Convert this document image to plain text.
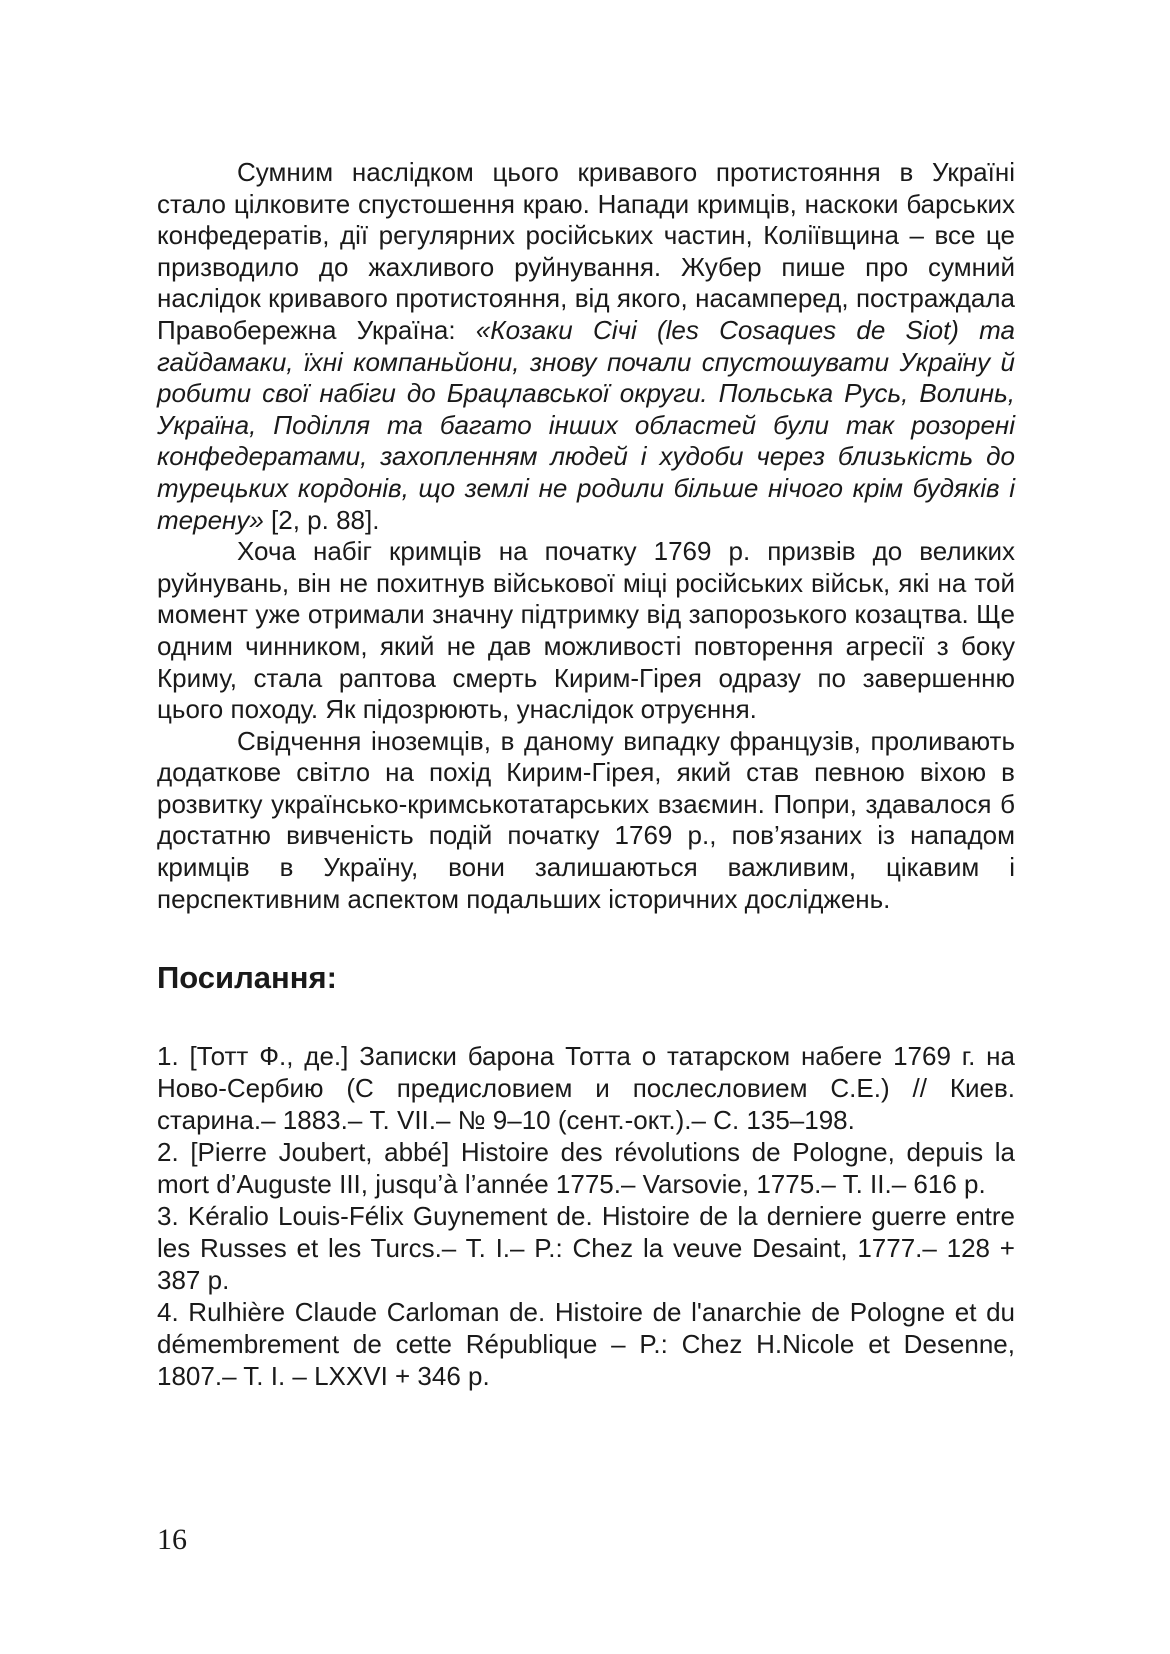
Сумним наслідком цього кривавого протистояння в Україні стало цілковите спустошення краю. Напади кримців, наскоки барських конфедератів, дії регулярних російських частин, Коліївщина – все це призводило до жахливого руйнування. Жубер пише про сумний наслідок кривавого протистояння, від якого, насамперед, постраждала Правобережна Україна: «Козаки Січі (les Cosaques de Siot) та гайдамаки, їхні компаньйони, знову почали спустошувати Україну й робити свої набіги до Брацлавської округи. Польська Русь, Волинь, Україна, Поділля та багато інших областей були так розорені конфедератами, захопленням людей і худоби через близькість до турецьких кордонів, що землі не родили більше нічого крім будяків і терену» [2, p. 88].

Хоча набіг кримців на початку 1769 р. призвів до великих руйнувань, він не похитнув військової міці російських військ, які на той момент уже отримали значну підтримку від запорозького козацтва. Ще одним чинником, який не дав можливості повторення агресії з боку Криму, стала раптова смерть Кирим-Гірея одразу по завершенню цього походу. Як підозрюють, унаслідок отруєння.

Свідчення іноземців, в даному випадку французів, проливають додаткове світло на похід Кирим-Гірея, який став певною віхою в розвитку українсько-кримськотатарських взаємин. Попри, здавалося б достатню вивченість подій початку 1769 р., пов’язаних із нападом кримців в Україну, вони залишаються важливим, цікавим і перспективним аспектом подальших історичних досліджень.

Посилання:

1. [Тотт Ф., де.] Записки барона Тотта о татарском набеге 1769 г. на Ново-Сербию (С предисловием и послесловием С.Е.) // Киев. старина.– 1883.– Т. VII.– № 9–10 (сент.-окт.).– С. 135–198.

2. [Pierre Joubert, abbé] Histoire des révolutions de Pologne, depuis la mort d’Auguste III, jusqu’à l’année 1775.– Varsovie, 1775.– T. II.– 616 p.

3. Kéralio Louis-Félix Guynement de. Histoire de la derniere guerre entre les Russes et les Turcs.– T. I.– P.: Chez la veuve Desaint, 1777.– 128 + 387 p.

4. Rulhière Claude Carloman de. Histoire de l'anarchie de Pologne et du démembrement de cette République – P.: Chez H.Nicole et Desenne, 1807.– T. I. – LXXVI + 346 p.

16
